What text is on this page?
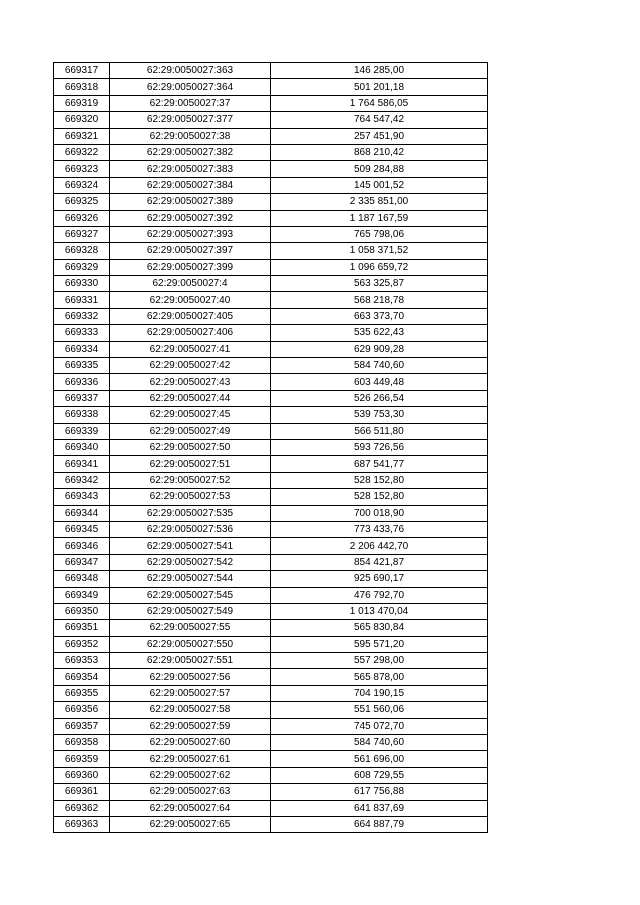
669317	62:29:0050027:363	146 285,00
669318	62:29:0050027:364	501 201,18
669319	62:29:0050027:37	1 764 586,05
669320	62:29:0050027:377	764 547,42
669321	62:29:0050027:38	257 451,90
669322	62:29:0050027:382	868 210,42
669323	62:29:0050027:383	509 284,88
669324	62:29:0050027:384	145 001,52
669325	62:29:0050027:389	2 335 851,00
669326	62:29:0050027:392	1 187 167,59
669327	62:29:0050027:393	765 798,06
669328	62:29:0050027:397	1 058 371,52
669329	62:29:0050027:399	1 096 659,72
669330	62:29:0050027:4	563 325,87
669331	62:29:0050027:40	568 218,78
669332	62:29:0050027:405	663 373,70
669333	62:29:0050027:406	535 622,43
669334	62:29:0050027:41	629 909,28
669335	62:29:0050027:42	584 740,60
669336	62:29:0050027:43	603 449,48
669337	62:29:0050027:44	526 266,54
669338	62:29:0050027:45	539 753,30
669339	62:29:0050027:49	566 511,80
669340	62:29:0050027:50	593 726,56
669341	62:29:0050027:51	687 541,77
669342	62:29:0050027:52	528 152,80
669343	62:29:0050027:53	528 152,80
669344	62:29:0050027:535	700 018,90
669345	62:29:0050027:536	773 433,76
669346	62:29:0050027:541	2 206 442,70
669347	62:29:0050027:542	854 421,87
669348	62:29:0050027:544	925 690,17
669349	62:29:0050027:545	476 792,70
669350	62:29:0050027:549	1 013 470,04
669351	62:29:0050027:55	565 830,84
669352	62:29:0050027:550	595 571,20
669353	62:29:0050027:551	557 298,00
669354	62:29:0050027:56	565 878,00
669355	62:29:0050027:57	704 190,15
669356	62:29:0050027:58	551 560,06
669357	62:29:0050027:59	745 072,70
669358	62:29:0050027:60	584 740,60
669359	62:29:0050027:61	561 696,00
669360	62:29:0050027:62	608 729,55
669361	62:29:0050027:63	617 756,88
669362	62:29:0050027:64	641 837,69
669363	62:29:0050027:65	664 887,79
